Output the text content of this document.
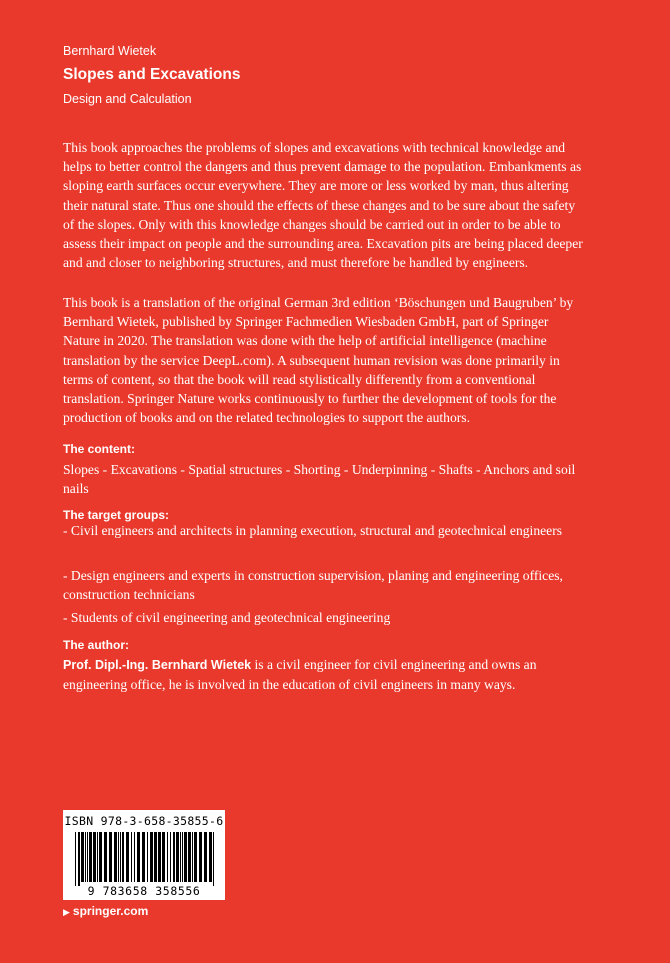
Bernhard Wietek
Slopes and Excavations
Design and Calculation

This book approaches the problems of slopes and excavations with technical knowledge and helps to better control the dangers and thus prevent damage to the population. Embankments as sloping earth surfaces occur everywhere. They are more or less worked by man, thus altering their natural state. Thus one should the effects of these changes and to be sure about the safety of the slopes. Only with this knowledge changes should be carried out in order to be able to assess their impact on people and the surrounding area. Excavation pits are being placed deeper and and closer to neighboring structures, and must therefore be handled by engineers.

This book is a translation of the original German 3rd edition ‘Böschungen und Baugruben’ by Bernhard Wietek, published by Springer Fachmedien Wiesbaden GmbH, part of Springer Nature in 2020. The translation was done with the help of artificial intelligence (machine translation by the service DeepL.com). A subsequent human revision was done primarily in terms of content, so that the book will read stylistically differently from a conventional translation. Springer Nature works continuously to further the development of tools for the production of books and on the related technologies to support the authors.

The content:

Slopes - Excavations - Spatial structures - Shorting - Underpinning - Shafts - Anchors and soil nails

The target groups:

- Civil engineers and architects in planning execution, structural and geotechnical engineers

- Design engineers and experts in construction supervision, planing and engineering offices, construction technicians

- Students of civil engineering and geotechnical engineering

The author:

Prof. Dipl.-Ing. Bernhard Wietek is a civil engineer for civil engineering and owns an engineering office, he is involved in the education of civil engineers in many ways.

ISBN 978-3-658-35855-6
9 783658 358556
▶ springer.com
